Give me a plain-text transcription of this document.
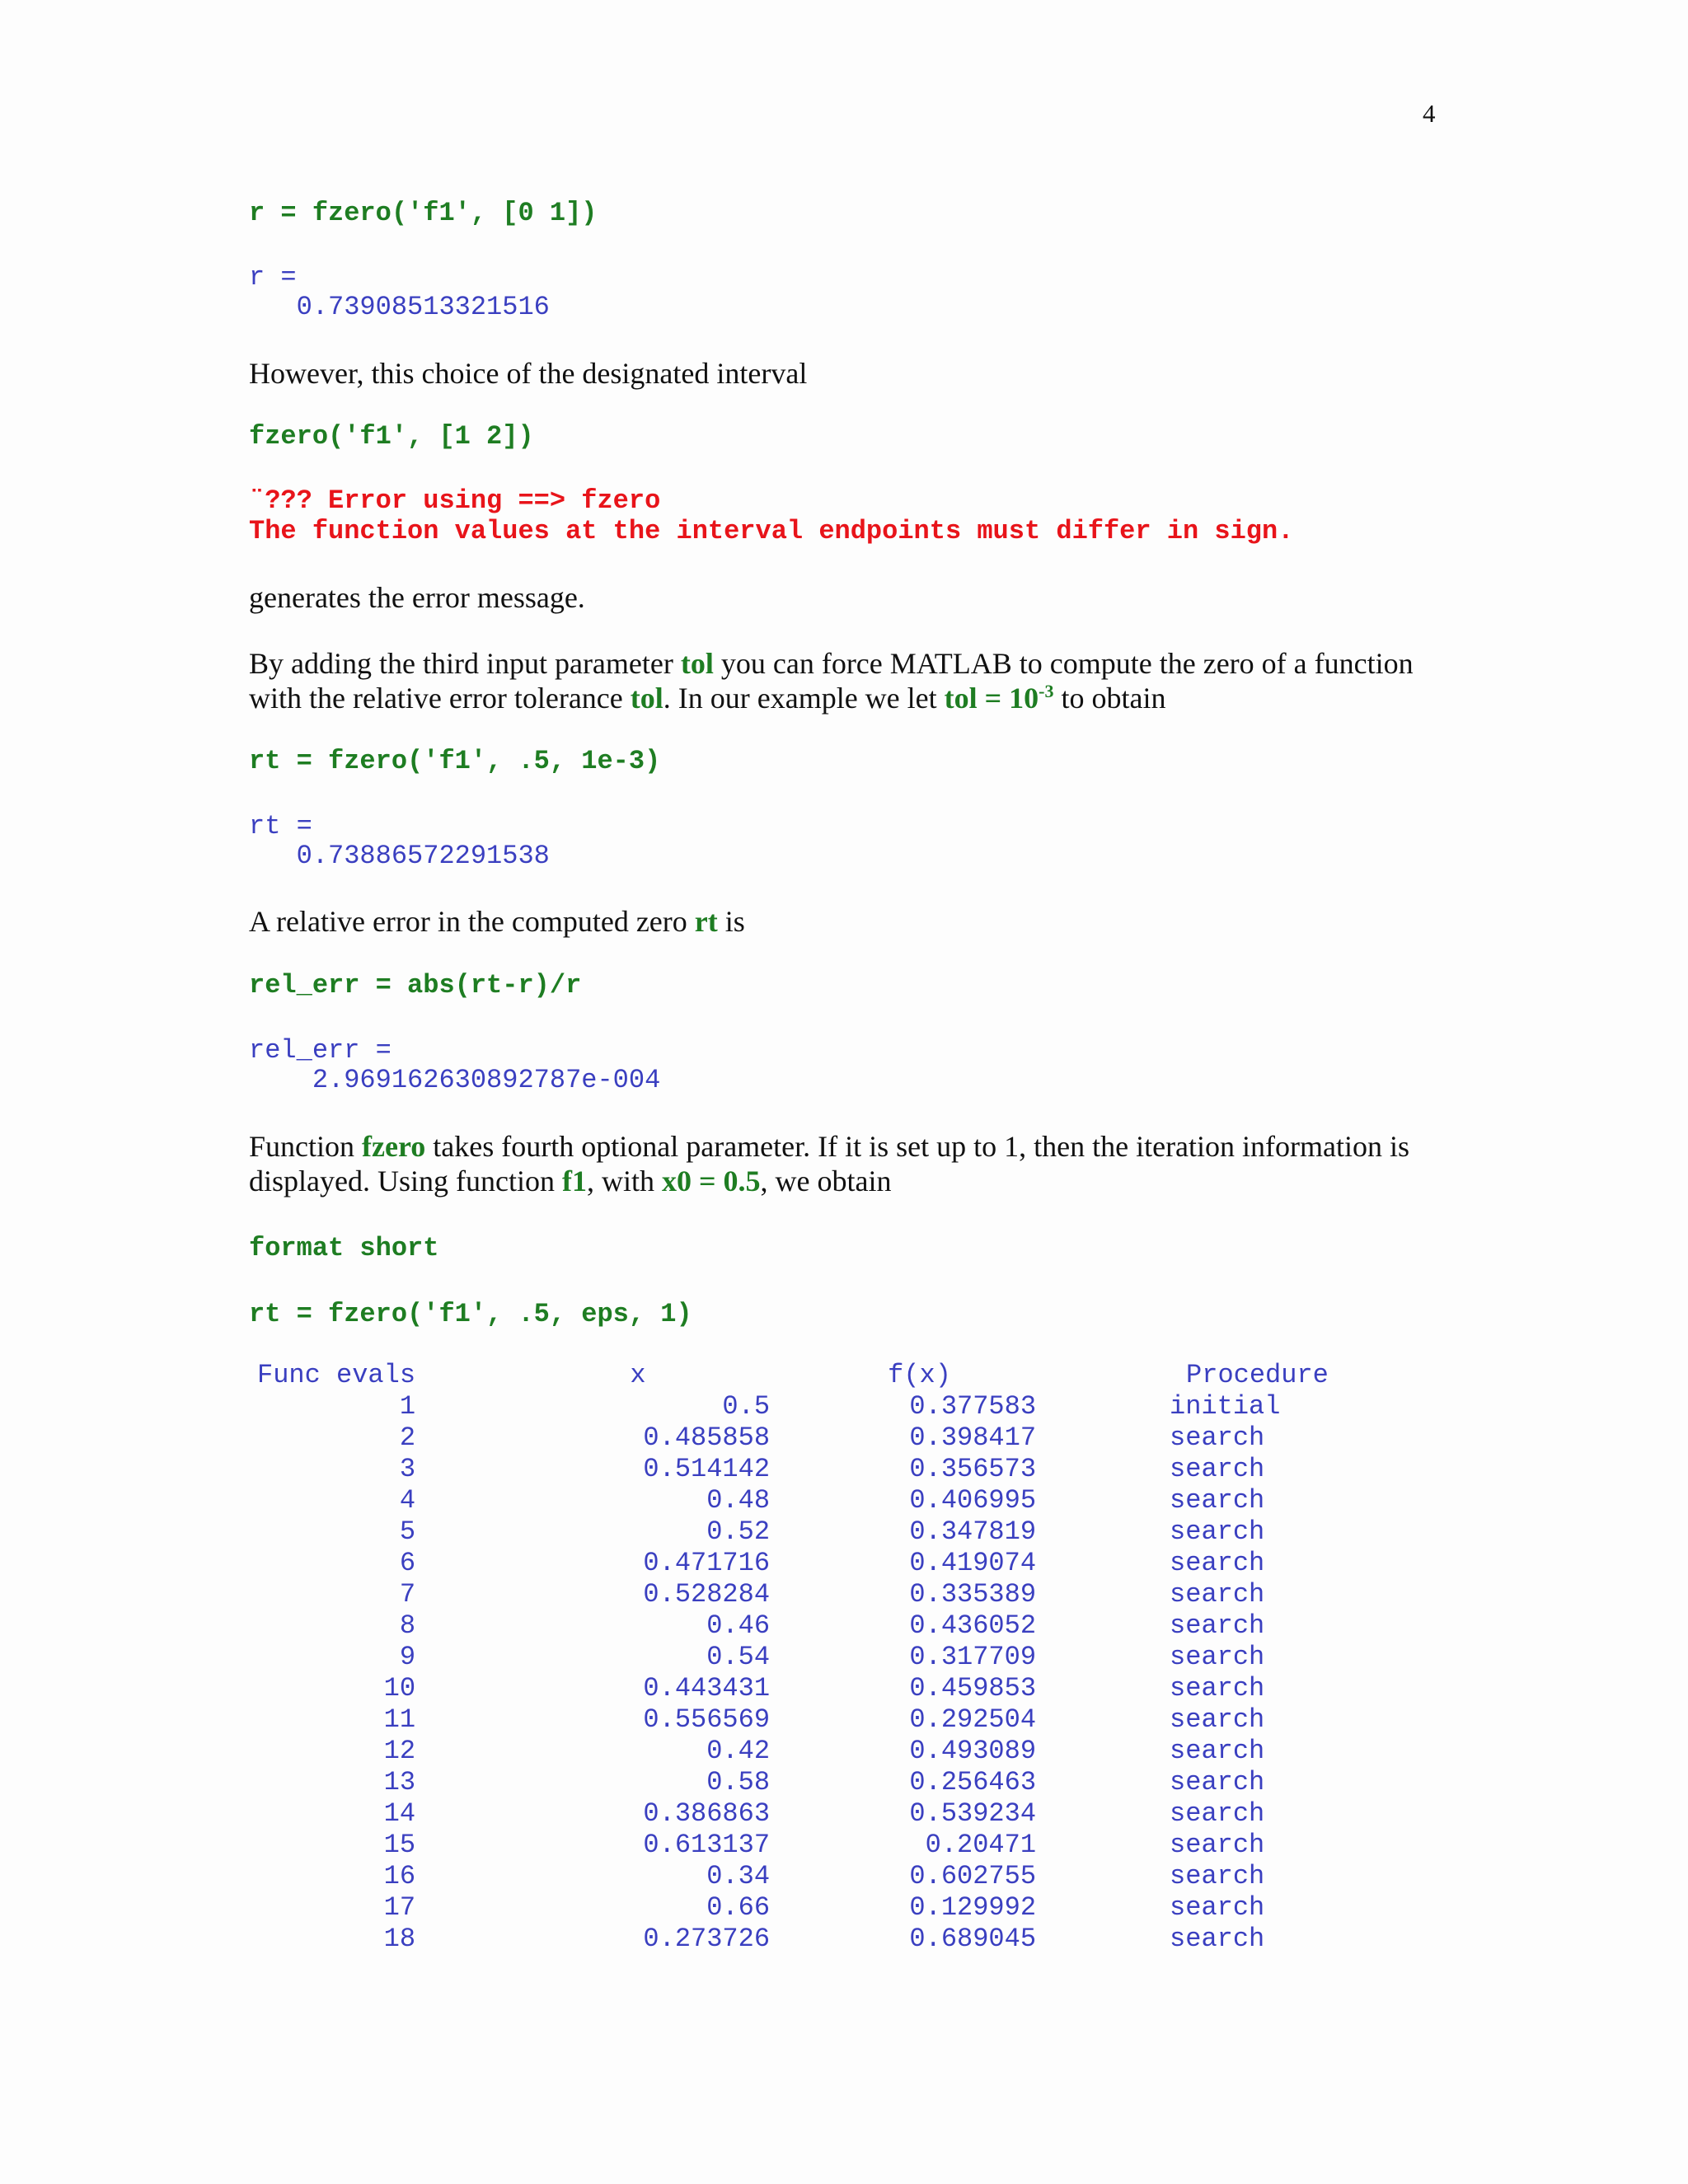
4
r = fzero('f1', [0 1])
r =
0.73908513321516
However, this choice of the designated interval
fzero('f1', [1 2])
¨??? Error using ==> fzero
The function values at the interval endpoints must differ in sign.
generates the error message.
By adding the third input parameter tol you can force MATLAB to compute the zero of a function with the relative error tolerance tol. In our example we let tol = $10^{-3}$ to obtain
rt = fzero('f1', .5, 1e-3)
rt =
0.73886572291538
A relative error in the computed zero rt is
rel_err = abs(rt-r)/r
rel_err =
2.969162630892787e-004
Function fzero takes fourth optional parameter. If it is set up to 1, then the iteration information is displayed. Using function f1, with x0 = 0.5, we obtain
format short
rt = fzero('f1', .5, eps, 1)
Func evals	x	f(x)	Procedure
1	0.5	0.377583	initial
2	0.485858	0.398417	search
3	0.514142	0.356573	search
4	0.48	0.406995	search
5	0.52	0.347819	search
6	0.471716	0.419074	search
7	0.528284	0.335389	search
8	0.46	0.436052	search
9	0.54	0.317709	search
10	0.443431	0.459853	search
11	0.556569	0.292504	search
12	0.42	0.493089	search
13	0.58	0.256463	search
14	0.386863	0.539234	search
15	0.613137	0.20471	search
16	0.34	0.602755	search
17	0.66	0.129992	search
18	0.273726	0.689045	search
